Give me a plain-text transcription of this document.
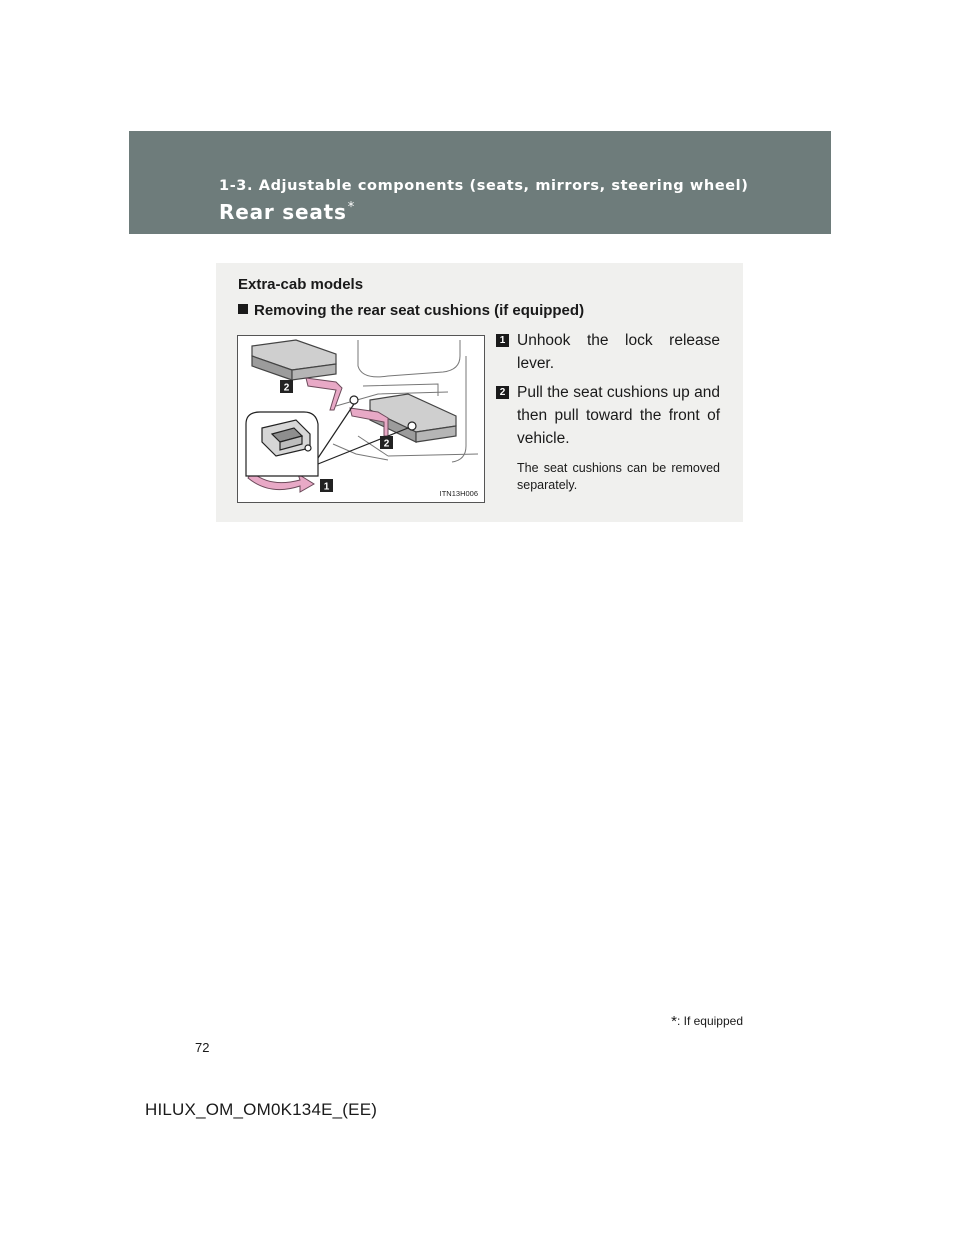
1-3. Adjustable components (seats, mirrors, steering wheel)

Rear seats*

Extra-cab models

Removing the rear seat cushions (if equipped)

2
2
1
ITN13H006
1 Unhook the lock release lever.
2 Pull the seat cushions up and then pull toward the front of vehicle.
The seat cushions can be removed separately.
*: If equipped
72
HILUX_OM_OM0K134E_(EE)
